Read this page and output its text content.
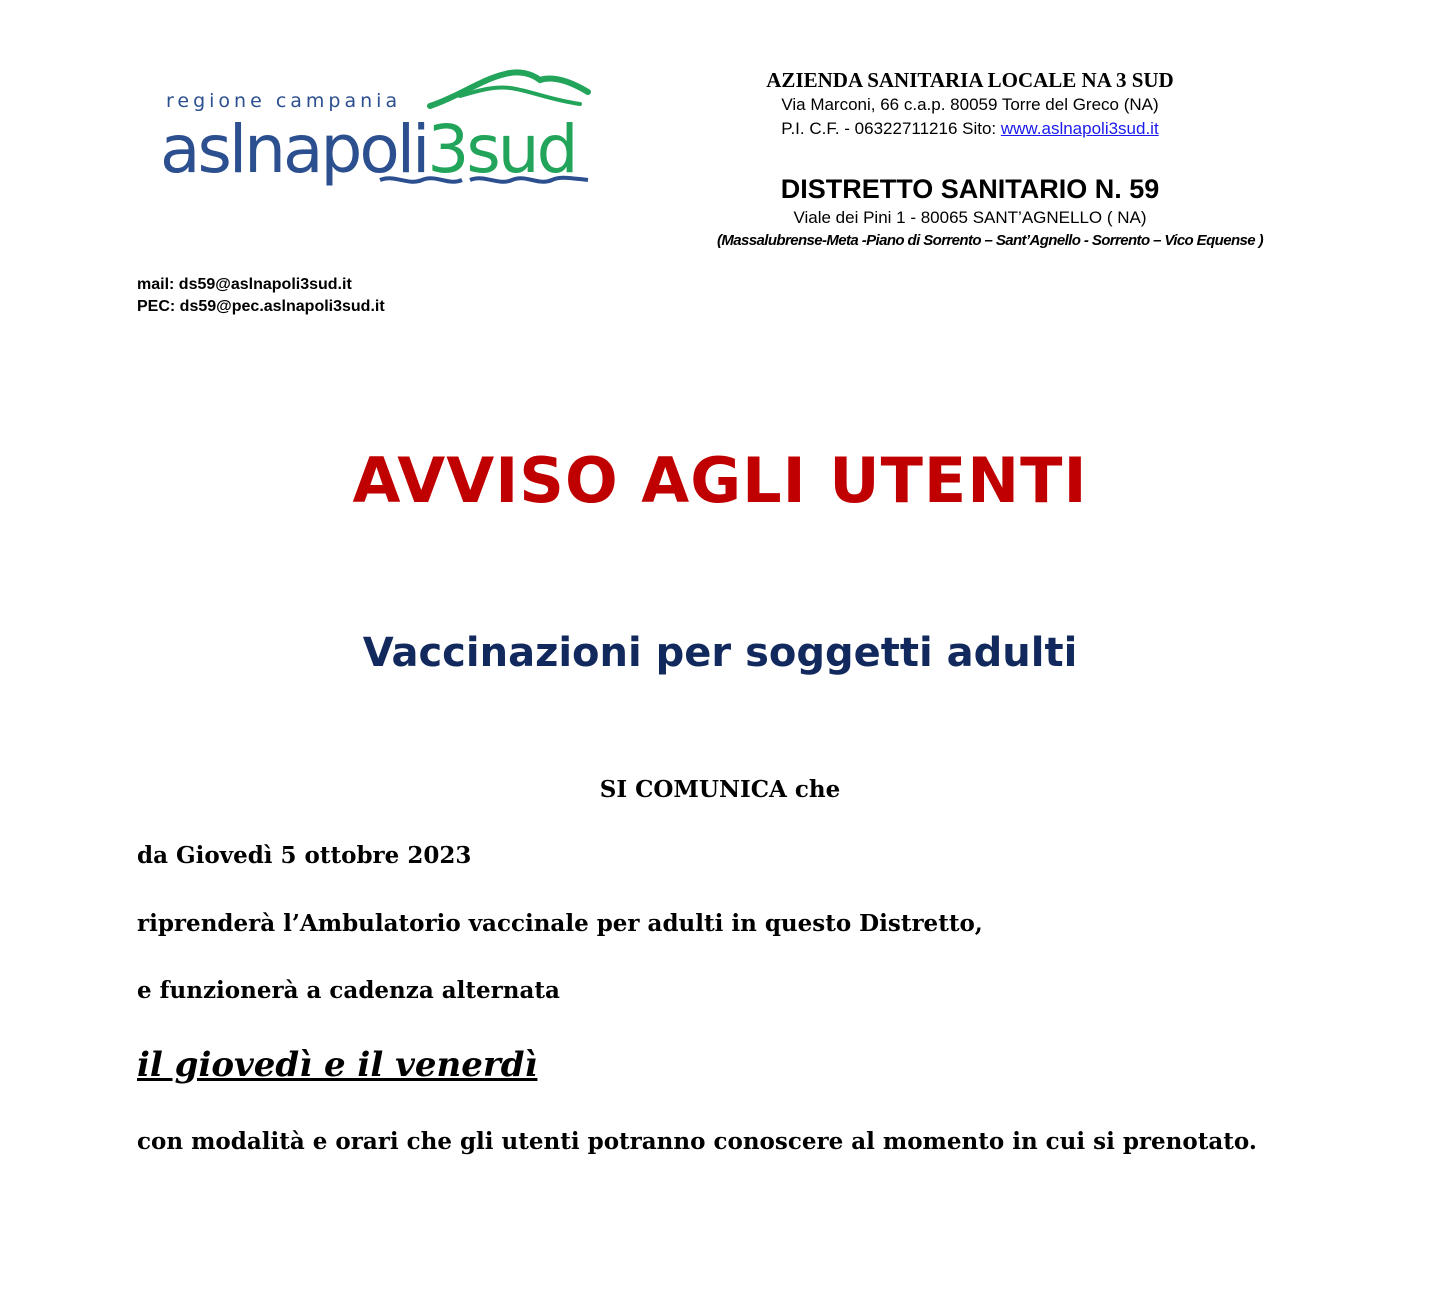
regione campania
aslnapoli3sud
AZIENDA SANITARIA LOCALE NA 3 SUD
Via Marconi, 66 c.a.p. 80059 Torre del Greco (NA)
P.I. C.F. - 06322711216 Sito: www.aslnapoli3sud.it
DISTRETTO SANITARIO N. 59
Viale dei Pini 1 - 80065 SANT’AGNELLO ( NA)
(Massalubrense-Meta -Piano di Sorrento – Sant’Agnello - Sorrento – Vico Equense )
mail: ds59@aslnapoli3sud.it
PEC: ds59@pec.aslnapoli3sud.it
AVVISO AGLI UTENTI
Vaccinazioni per soggetti adulti
SI COMUNICA che
da Giovedì 5 ottobre 2023
riprenderà l’Ambulatorio vaccinale per adulti in questo Distretto,
e funzionerà a cadenza alternata
il giovedì e il venerdì
con modalità e orari che gli utenti potranno conoscere al momento in cui si prenotato.
